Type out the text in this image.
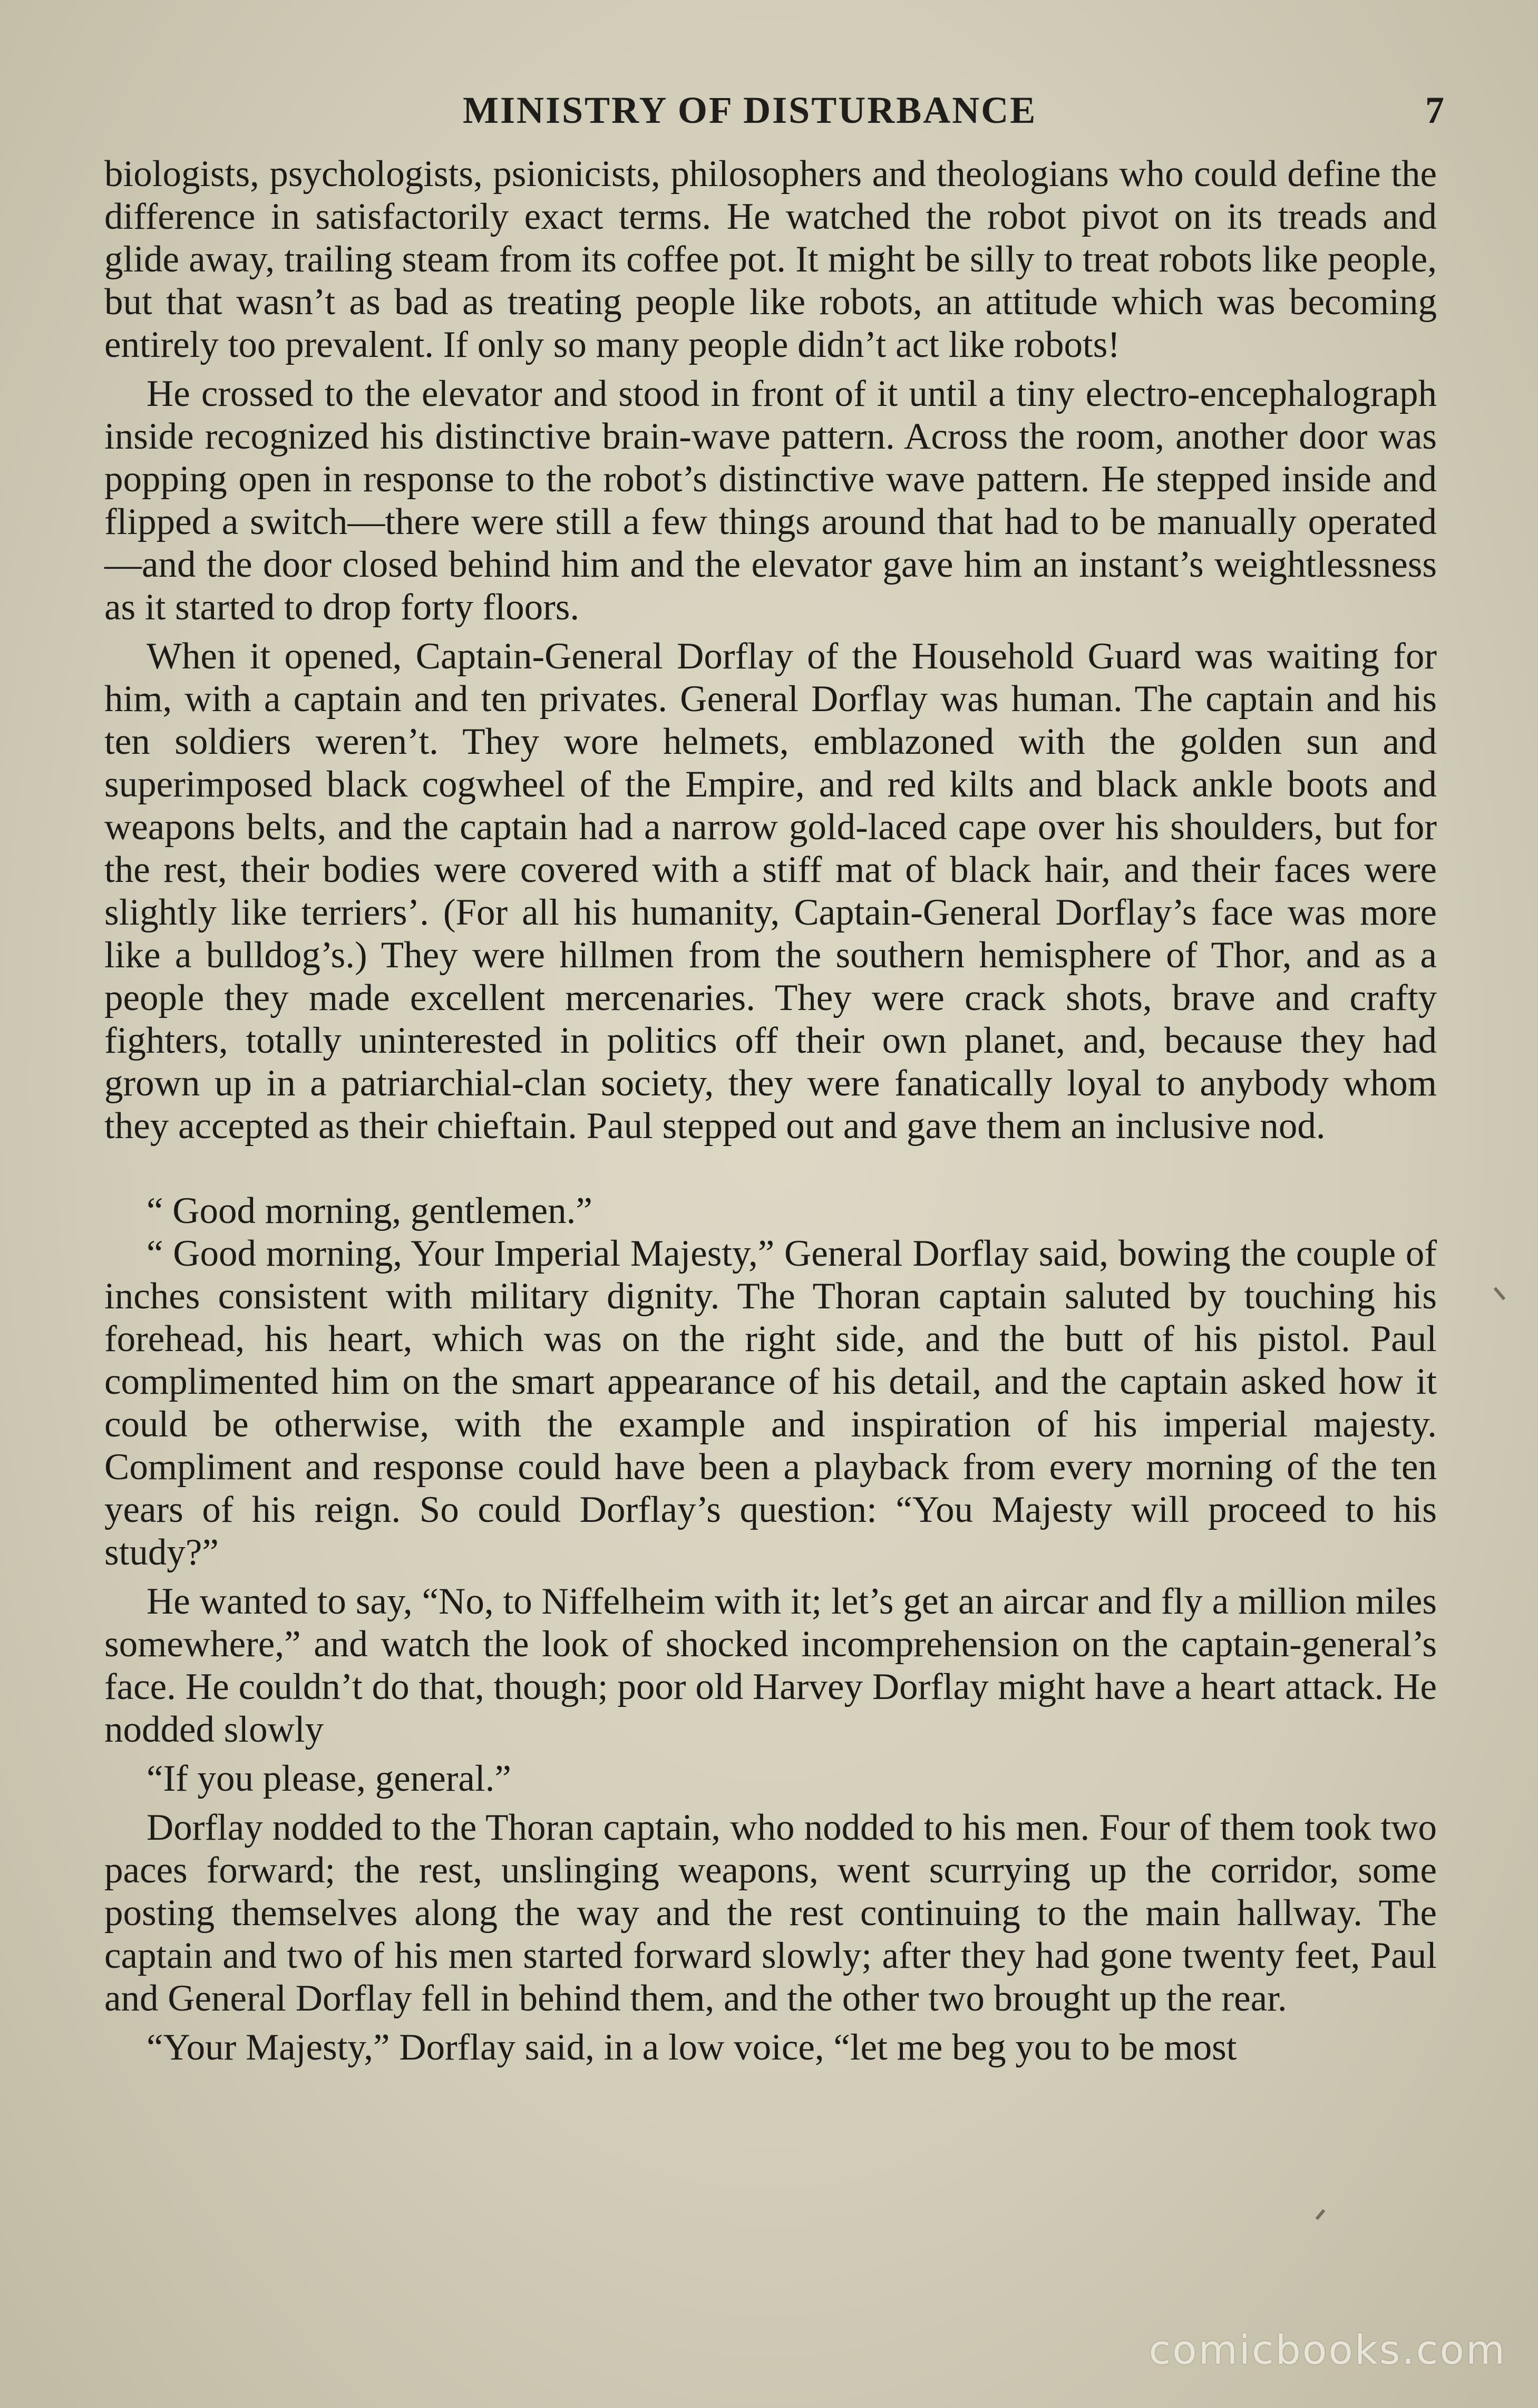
MINISTRY OF DISTURBANCE	7

biologists, psychologists, psionicists, philosophers and theologians who could define the difference in satisfactorily exact terms. He watched the robot pivot on its treads and glide away, trailing steam from its coffee pot. It might be silly to treat robots like people, but that wasn’t as bad as treating people like robots, an attitude which was becoming entirely too prevalent. If only so many people didn’t act like robots!

He crossed to the elevator and stood in front of it until a tiny electro-encephalograph inside recognized his distinctive brain-wave pattern. Across the room, another door was popping open in response to the robot’s distinctive wave pattern. He stepped inside and flipped a switch—there were still a few things around that had to be manually operated—and the door closed behind him and the elevator gave him an instant’s weightlessness as it started to drop forty floors.

When it opened, Captain-General Dorflay of the Household Guard was waiting for him, with a captain and ten privates. General Dorflay was human. The captain and his ten soldiers weren’t. They wore helmets, emblazoned with the golden sun and superimposed black cogwheel of the Empire, and red kilts and black ankle boots and weapons belts, and the captain had a narrow gold-laced cape over his shoulders, but for the rest, their bodies were covered with a stiff mat of black hair, and their faces were slightly like terriers’. (For all his humanity, Captain-General Dorflay’s face was more like a bulldog’s.) They were hillmen from the southern hemisphere of Thor, and as a people they made excellent mercenaries. They were crack shots, brave and crafty fighters, totally uninterested in politics off their own planet, and, because they had grown up in a patriarchial-clan society, they were fanatically loyal to anybody whom they accepted as their chieftain. Paul stepped out and gave them an inclusive nod.

“ Good morning, gentlemen.”

“ Good morning, Your Imperial Majesty,” General Dorflay said, bowing the couple of inches consistent with military dignity. The Thoran captain saluted by touching his forehead, his heart, which was on the right side, and the butt of his pistol. Paul complimented him on the smart appearance of his detail, and the captain asked how it could be otherwise, with the example and inspiration of his imperial majesty. Compliment and response could have been a playback from every morning of the ten years of his reign. So could Dorflay’s question: “You Majesty will proceed to his study?”

He wanted to say, “No, to Niffelheim with it; let’s get an aircar and fly a million miles somewhere,” and watch the look of shocked incomprehension on the captain-general’s face. He couldn’t do that, though; poor old Harvey Dorflay might have a heart attack. He nodded slowly

“If you please, general.”

Dorflay nodded to the Thoran captain, who nodded to his men. Four of them took two paces forward; the rest, unslinging weapons, went scurrying up the corridor, some posting themselves along the way and the rest continuing to the main hallway. The captain and two of his men started forward slowly; after they had gone twenty feet, Paul and General Dorflay fell in behind them, and the other two brought up the rear.

“Your Majesty,” Dorflay said, in a low voice, “let me beg you to be most

comicbooks.com
